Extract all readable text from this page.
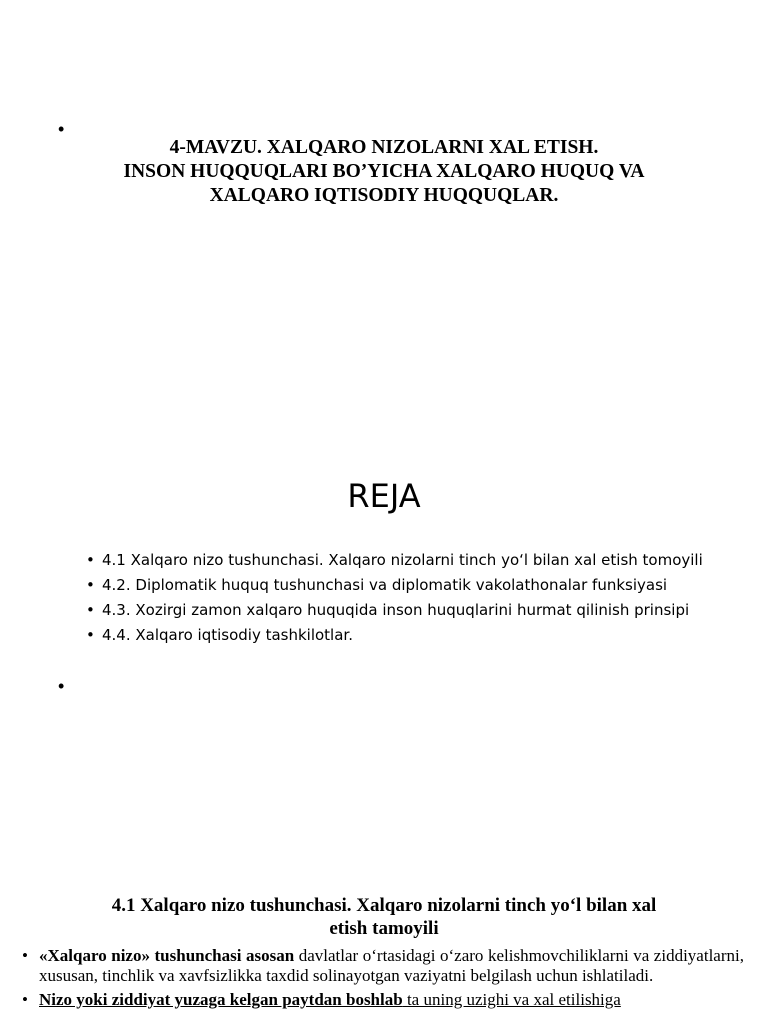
•
4-MAVZU. XALQARO NIZOLARNI XAL ETISH.
INSON HUQQUQLARI BO’YICHA XALQARO HUQUQ VA
XALQARO IQTISODIY HUQQUQLAR.
REJA
• 4.1 Xalqaro nizo tushunchasi. Xalqaro nizolarni tinch yo‘l bilan xal etish tomoyili
• 4.2. Diplomatik huquq tushunchasi va diplomatik vakolathonalar funksiyasi
• 4.3. Xozirgi zamon xalqaro huquqida inson huquqlarini hurmat qilinish prinsipi
• 4.4. Xalqaro iqtisodiy tashkilotlar.
•
4.1 Xalqaro nizo tushunchasi. Xalqaro nizolarni tinch yo‘l bilan xal
etish tamoyili
• «Xalqaro nizo» tushunchasi asosan davlatlar o‘rtasidagi o‘zaro kelishmovchiliklarni va ziddiyatlarni, xususan, tinchlik va xavfsizlikka taxdid solinayotgan vaziyatni belgilash uchun ishlatiladi.
• Nizo yoki ziddiyat yuzaga kelgan paytdan boshlab ta uning uzighi va xal etilishiga
